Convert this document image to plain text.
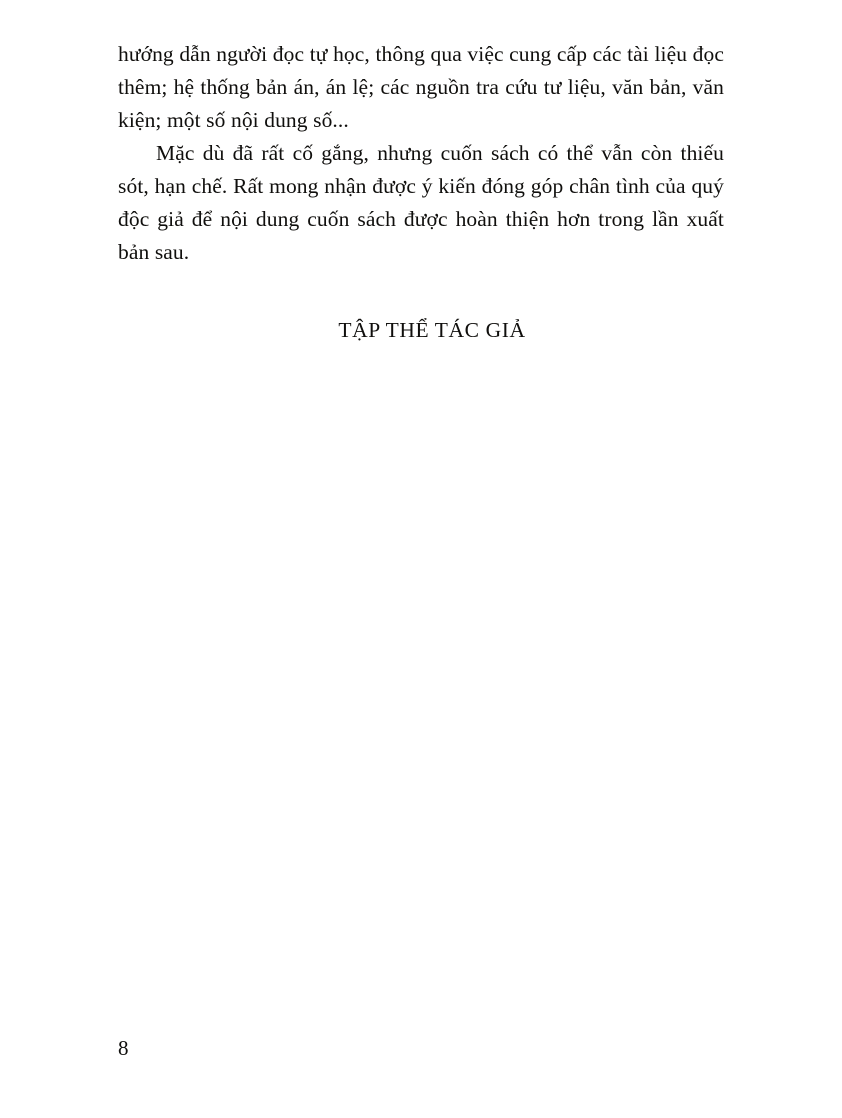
hướng dẫn người đọc tự học, thông qua việc cung cấp các tài liệu đọc thêm; hệ thống bản án, án lệ; các nguồn tra cứu tư liệu, văn bản, văn kiện; một số nội dung số...

Mặc dù đã rất cố gắng, nhưng cuốn sách có thể vẫn còn thiếu sót, hạn chế. Rất mong nhận được ý kiến đóng góp chân tình của quý độc giả để nội dung cuốn sách được hoàn thiện hơn trong lần xuất bản sau.

TẬP THỂ TÁC GIẢ
8
